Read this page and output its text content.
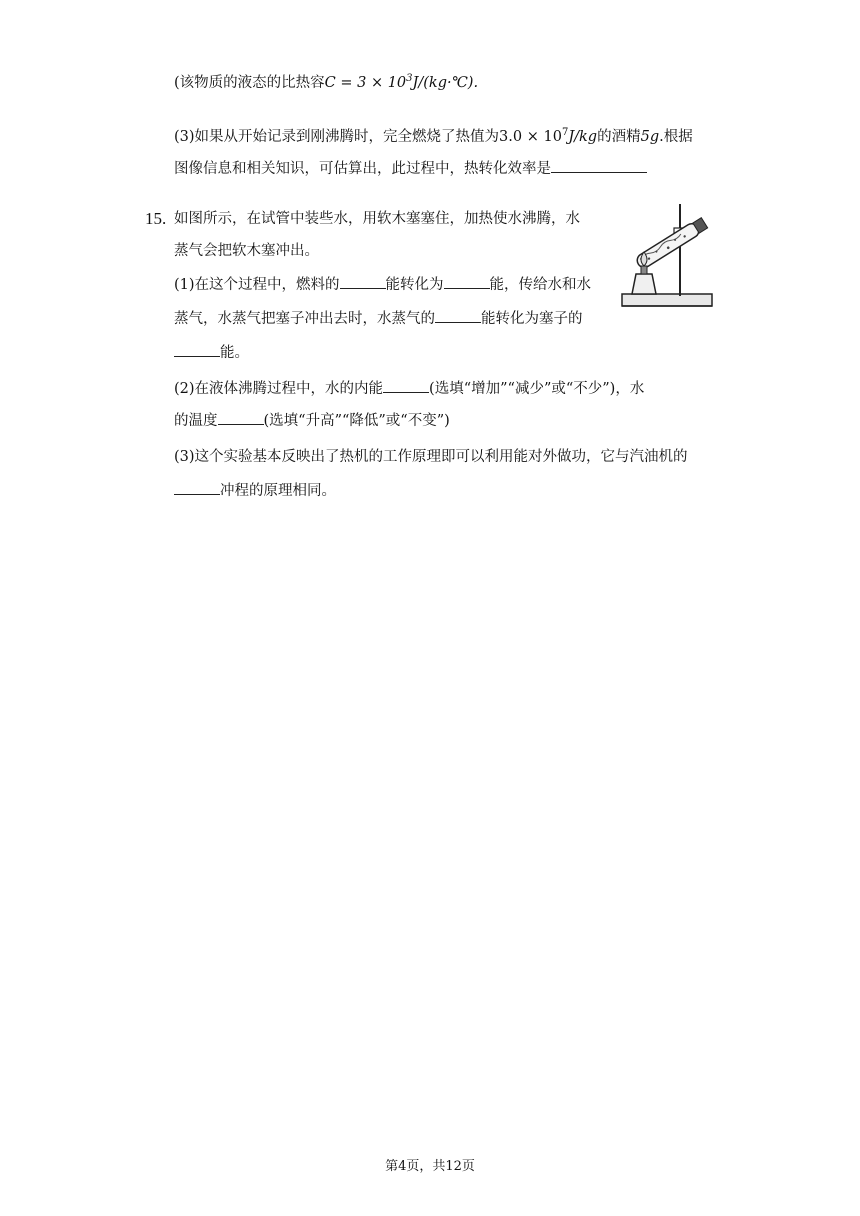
(该物质的液态的比热容$C = 3 \times 10^3J/(kg\cdot℃)$.
(3)如果从开始记录到刚沸腾时，完全燃烧了热值为$3.0 \times 10^7J/kg$的酒精5g.根据
图像信息和相关知识，可估算出，此过程中，热转化效率是
15. 如图所示，在试管中装些水，用软木塞塞住，加热使水沸腾，水
蒸气会把软木塞冲出。
(1)在这个过程中，燃料的	能转化为	能，传给水和水
蒸气，水蒸气把塞子冲出去时，水蒸气的	能转化为塞子的
能。
(2)在液体沸腾过程中，水的内能	(选填“增加”“减少”或“不少”)，水
的温度	(选填“升高”“降低”或“不变”)
(3)这个实验基本反映出了热机的工作原理即可以利用能对外做功，它与汽油机的
冲程的原理相同。
第4页，共12页
